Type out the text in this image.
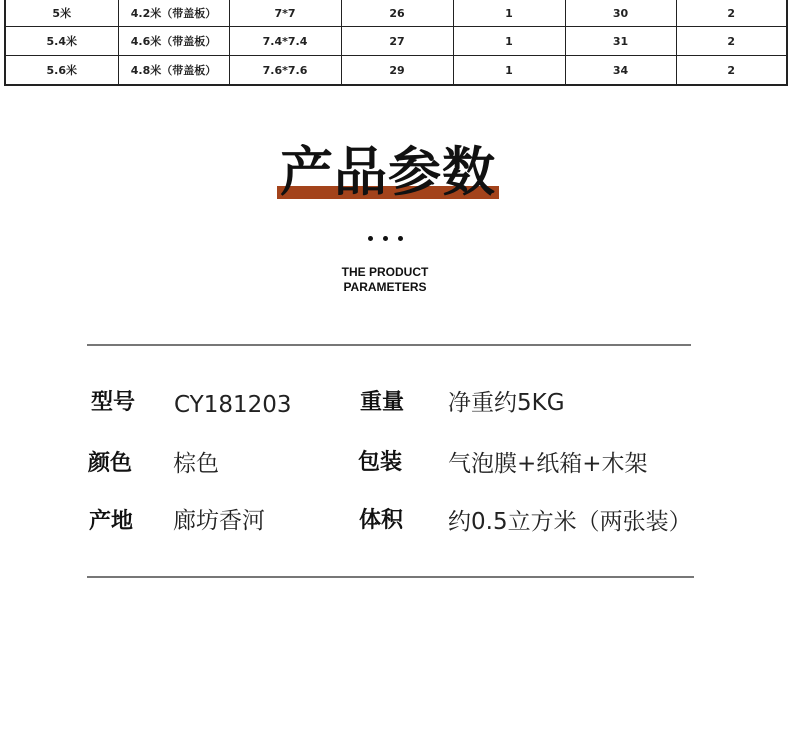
5米	4.2米（带盖板）	7*7	26	1	30	2
5.4米	4.6米（带盖板）	7.4*7.4	27	1	31	2
5.6米	4.8米（带盖板）	7.6*7.6	29	1	34	2
产品参数
THE PRODUCT
PARAMETERS
型号 CY181203	重量 净重约5KG
颜色 棕色	包装 气泡膜+纸箱+木架
产地 廊坊香河	体积 约0.5立方米（两张装）
